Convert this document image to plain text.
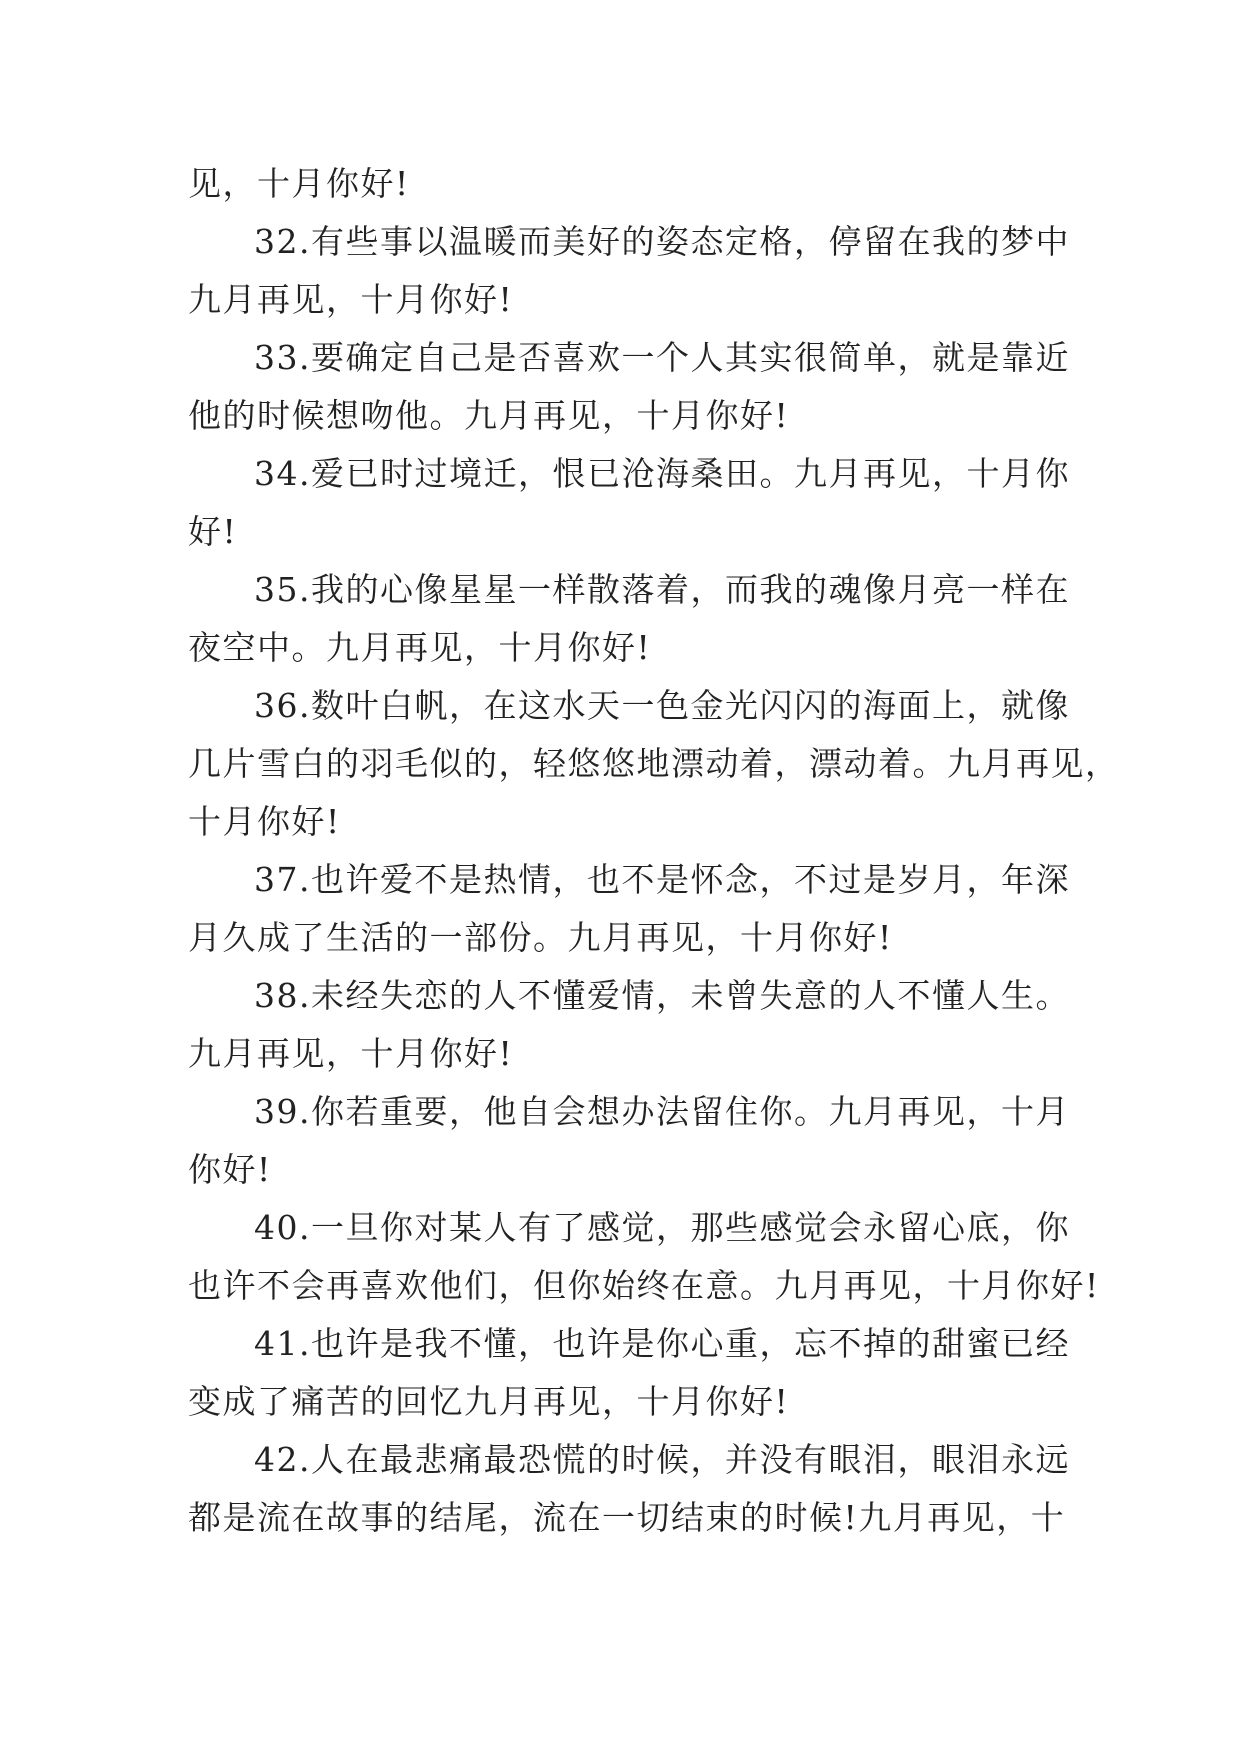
见，十月你好!
32.有些事以温暖而美好的姿态定格，停留在我的梦中
九月再见，十月你好!
33.要确定自己是否喜欢一个人其实很简单，就是靠近
他的时候想吻他。九月再见，十月你好!
34.爱已时过境迁，恨已沧海桑田。九月再见，十月你
好!
35.我的心像星星一样散落着，而我的魂像月亮一样在
夜空中。九月再见，十月你好!
36.数叶白帆，在这水天一色金光闪闪的海面上，就像
几片雪白的羽毛似的，轻悠悠地漂动着，漂动着。九月再见，
十月你好!
37.也许爱不是热情，也不是怀念，不过是岁月，年深
月久成了生活的一部份。九月再见，十月你好!
38.未经失恋的人不懂爱情，未曾失意的人不懂人生。
九月再见，十月你好!
39.你若重要，他自会想办法留住你。九月再见，十月
你好!
40.一旦你对某人有了感觉，那些感觉会永留心底，你
也许不会再喜欢他们，但你始终在意。九月再见，十月你好!
41.也许是我不懂，也许是你心重，忘不掉的甜蜜已经
变成了痛苦的回忆九月再见，十月你好!
42.人在最悲痛最恐慌的时候，并没有眼泪，眼泪永远
都是流在故事的结尾，流在一切结束的时候!九月再见，十
